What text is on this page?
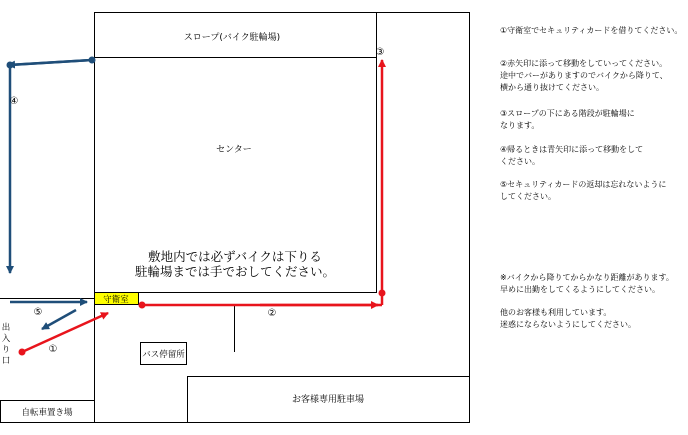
スロープ(バイク駐輪場)
センター
敷地内では必ずバイクは下りる
駐輪場までは手でおしてください。
守衛室
バス停留所
お客様専用駐車場
自転車置き場
出入り口
①
②
③
④
⑤
①守衛室でセキュリティカードを借りてください。
②赤矢印に添って移動をしていってください。
途中でバーがありますのでバイクから降りて、
横から通り抜けてください。
③スロープの下にある階段が駐輪場に
なります。
④帰るときは青矢印に添って移動をして
ください。
⑤セキュリティカードの返却は忘れないように
してください。
※バイクから降りてからかなり距離があります。
早めに出勤をしてくるようにしてください。
他のお客様も利用しています。
迷惑にならないようにしてください。
